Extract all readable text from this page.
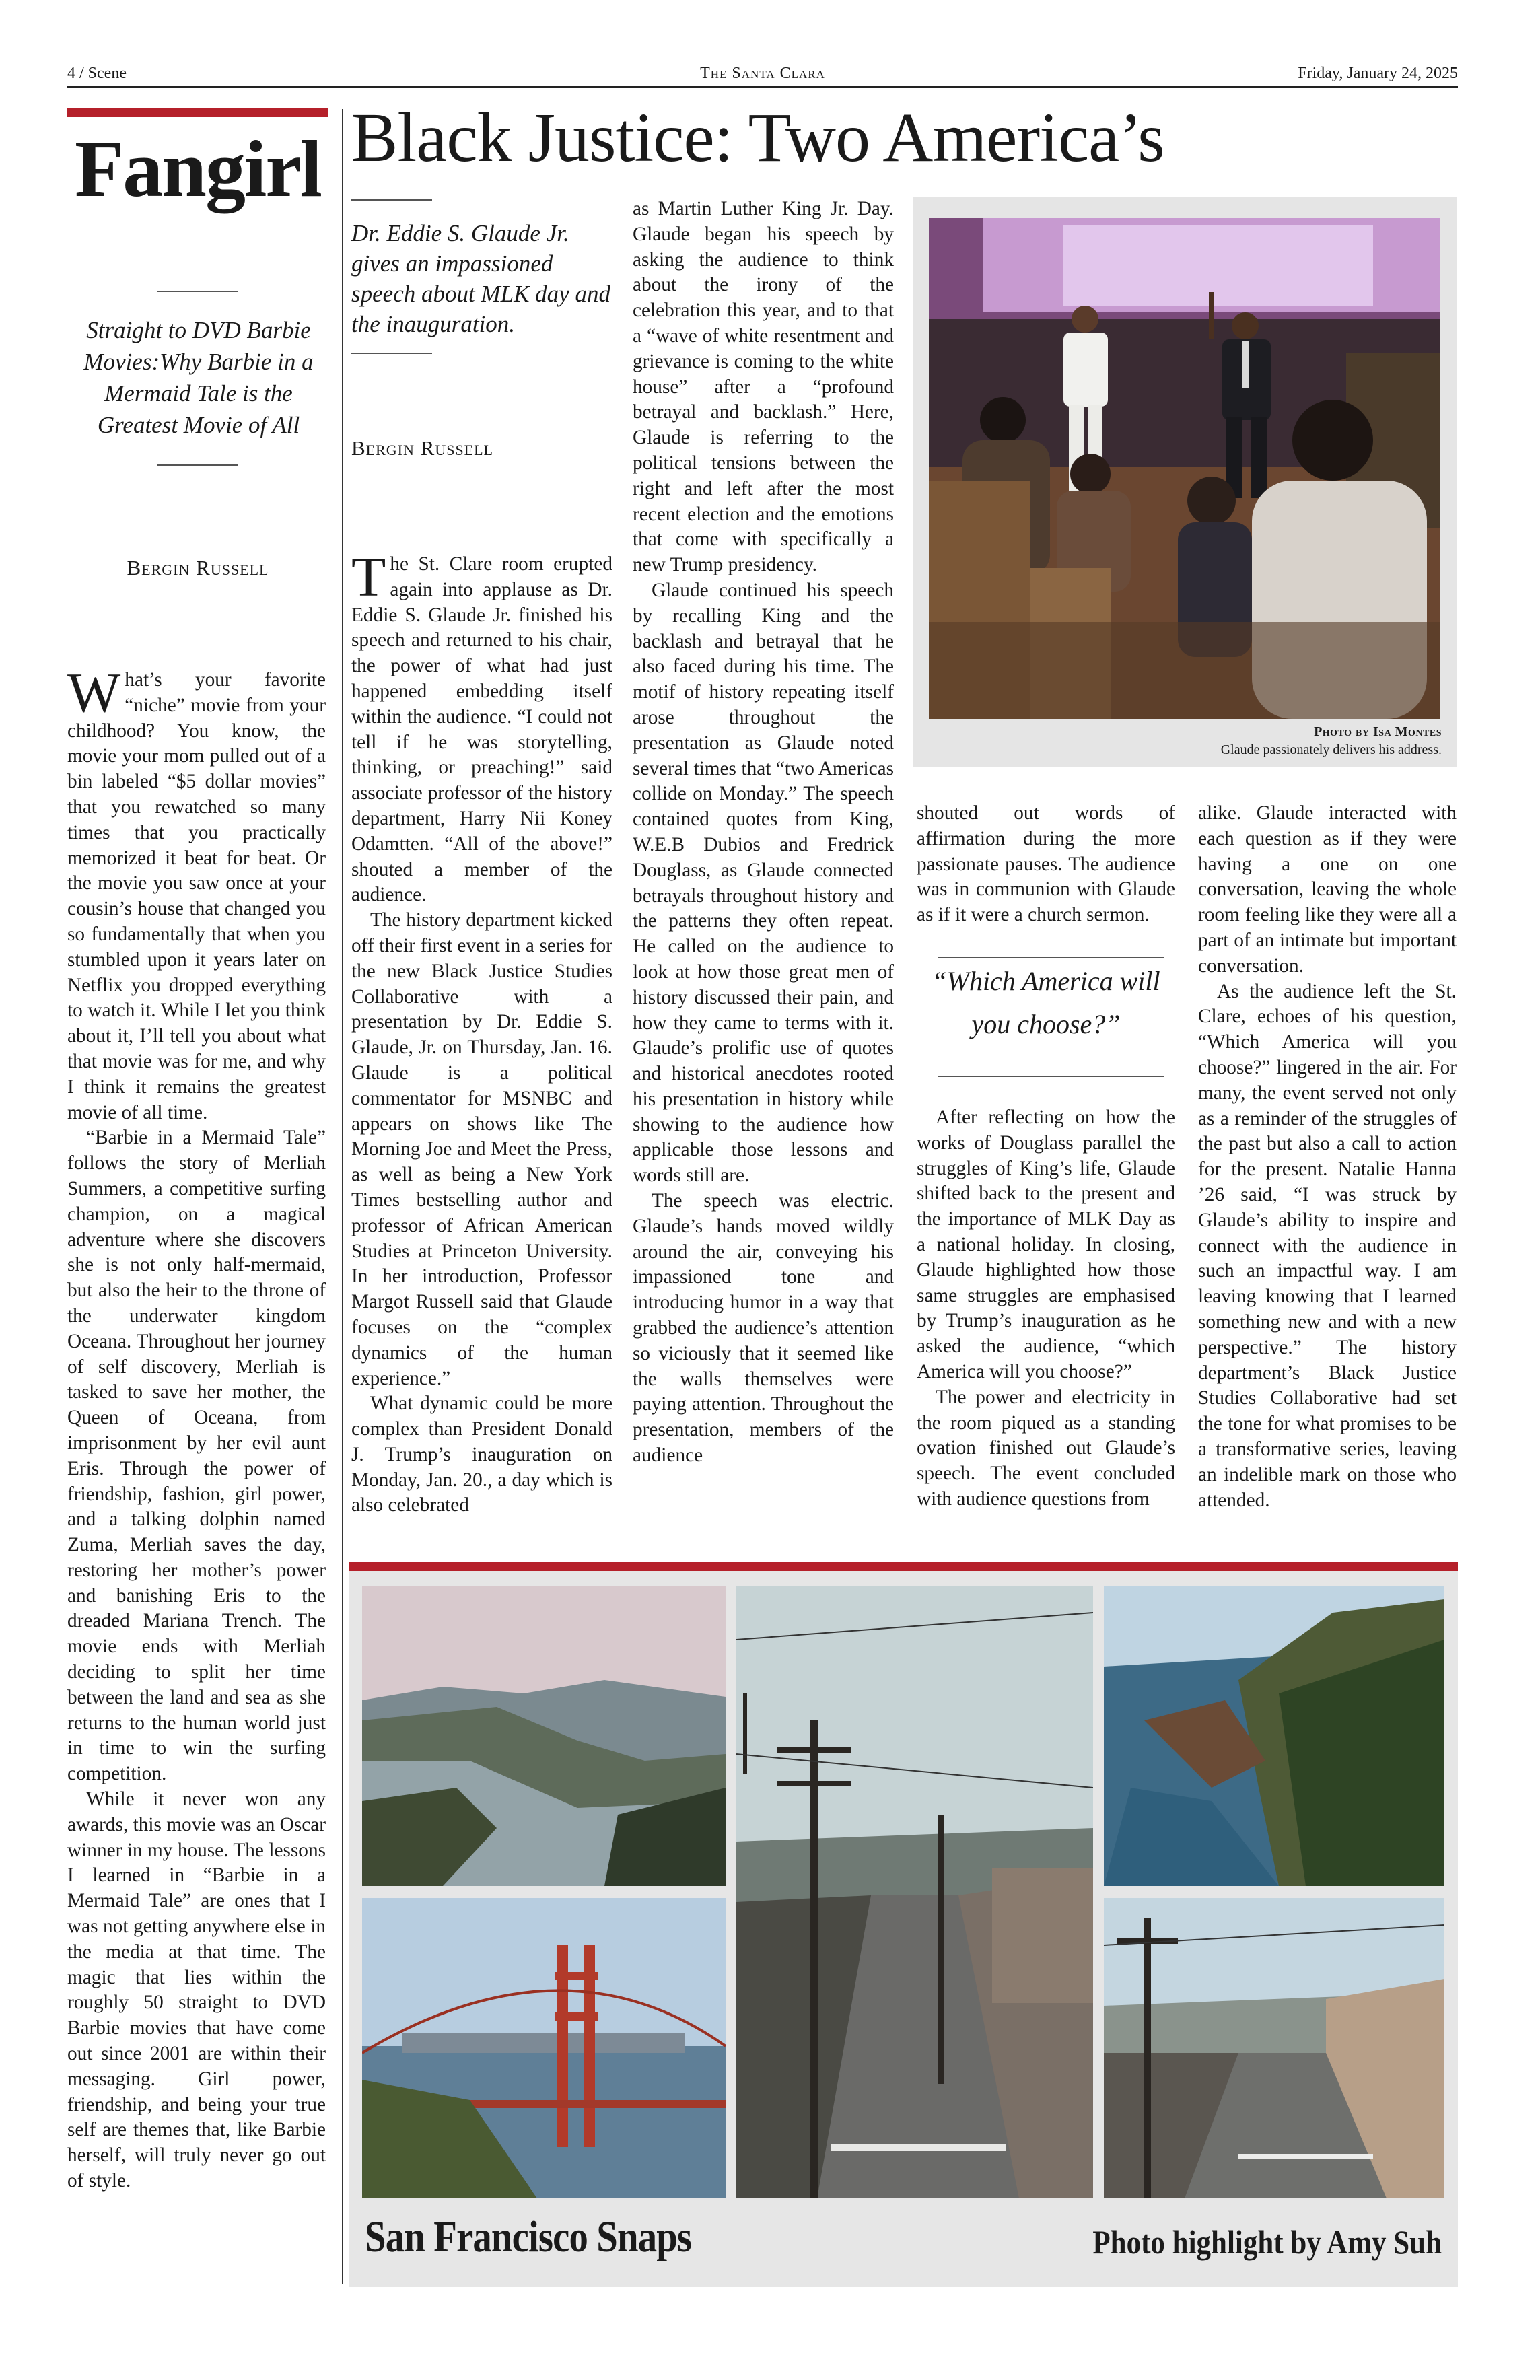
4 / Scene	The Santa Clara	Friday, January 24, 2025
Fangirl
Straight to DVD Barbie Movies:Why Barbie in a Mermaid Tale is the Greatest Movie of All
Bergin Russell

What’s your favorite “niche” movie from your childhood? You know, the movie your mom pulled out of a bin labeled “$5 dollar movies” that you rewatched so many times that you practically memorized it beat for beat. Or the movie you saw once at your cousin’s house that changed you so fundamentally that when you stumbled upon it years later on Netflix you dropped everything to watch it. While I let you think about it, I’ll tell you about what that movie was for me, and why I think it remains the greatest movie of all time.

“Barbie in a Mermaid Tale” follows the story of Merliah Summers, a competitive surfing champion, on a magical adventure where she discovers she is not only half-mermaid, but also the heir to the throne of the underwater kingdom Oceana. Throughout her journey of self discovery, Merliah is tasked to save her mother, the Queen of Oceana, from imprisonment by her evil aunt Eris. Through the power of friendship, fashion, girl power, and a talking dolphin named Zuma, Merliah saves the day, restoring her mother’s power and banishing Eris to the dreaded Mariana Trench. The movie ends with Merliah deciding to split her time between the land and sea as she returns to the human world just in time to win the surfing competition.

While it never won any awards, this movie was an Oscar winner in my house. The lessons I learned in “Barbie in a Mermaid Tale” are ones that I was not getting anywhere else in the media at that time. The magic that lies within the roughly 50 straight to DVD Barbie movies that have come out since 2001 are within their messaging. Girl power, friendship, and being your true self are themes that, like Barbie herself, will truly never go out of style.

Black Justice: Two America’s
Dr. Eddie S. Glaude Jr. gives an impassioned speech about MLK day and the inauguration.
Bergin Russell

The St. Clare room erupted again into applause as Dr. Eddie S. Glaude Jr. finished his speech and returned to his chair, the power of what had just happened embedding itself within the audience. “I could not tell if he was storytelling, thinking, or preaching!” said associate professor of the history department, Harry Nii Koney Odamtten. “All of the above!” shouted a member of the audience.

The history department kicked off their first event in a series for the new Black Justice Studies Collaborative with a presentation by Dr. Eddie S. Glaude, Jr. on Thursday, Jan. 16. Glaude is a political commentator for MSNBC and appears on shows like The Morning Joe and Meet the Press, as well as being a New York Times bestselling author and professor of African American Studies at Princeton University. In her introduction, Professor Margot Russell said that Glaude focuses on the “complex dynamics of the human experience.”

What dynamic could be more complex than President Donald J. Trump’s inauguration on Monday, Jan. 20., a day which is also celebrated

as Martin Luther King Jr. Day. Glaude began his speech by asking the audience to think about the irony of the celebration this year, and to that a “wave of white resentment and grievance is coming to the white house” after a “profound betrayal and backlash.” Here, Glaude is referring to the political tensions between the right and left after the most recent election and the emotions that come with specifically a new Trump presidency.

Glaude continued his speech by recalling King and the backlash and betrayal that he also faced during his time. The motif of history repeating itself arose throughout the presentation as Glaude noted several times that “two Americas collide on Monday.” The speech contained quotes from King, W.E.B Dubios and Fredrick Douglass, as Glaude connected betrayals throughout history and the patterns they often repeat. He called on the audience to look at how those great men of history discussed their pain, and how they came to terms with it. Glaude’s prolific use of quotes and historical anecdotes rooted his presentation in history while showing to the audience how applicable those lessons and words still are.

The speech was electric. Glaude’s hands moved wildly around the air, conveying his impassioned tone and introducing humor in a way that grabbed the audience’s attention so viciously that it seemed like the walls themselves were paying attention. Throughout the presentation, members of the audience

Photo by Isa Montes
Glaude passionately delivers his address.

shouted out words of affirmation during the more passionate pauses. The audience was in communion with Glaude as if it were a church sermon.

“Which America will you choose?”

After reflecting on how the works of Douglass parallel the struggles of King’s life, Glaude shifted back to the present and the importance of MLK Day as a national holiday. In closing, Glaude highlighted how those same struggles are emphasised by Trump’s inauguration as he asked the audience, “which America will you choose?”

The power and electricity in the room piqued as a standing ovation finished out Glaude’s speech. The event concluded with audience questions from

alike. Glaude interacted with each question as if they were having a one on one conversation, leaving the whole room feeling like they were all a part of an intimate but important conversation.

As the audience left the St. Clare, echoes of his question, “Which America will you choose?” lingered in the air. For many, the event served not only as a reminder of the struggles of the past but also a call to action for the present. Natalie Hanna ’26 said, “I was struck by Glaude’s ability to inspire and connect with the audience in such an impactful way. I am leaving knowing that I learned something new and with a new perspective.” The history department’s Black Justice Studies Collaborative had set the tone for what promises to be a transformative series, leaving an indelible mark on those who attended.

San Francisco Snaps	Photo highlight by Amy Suh
